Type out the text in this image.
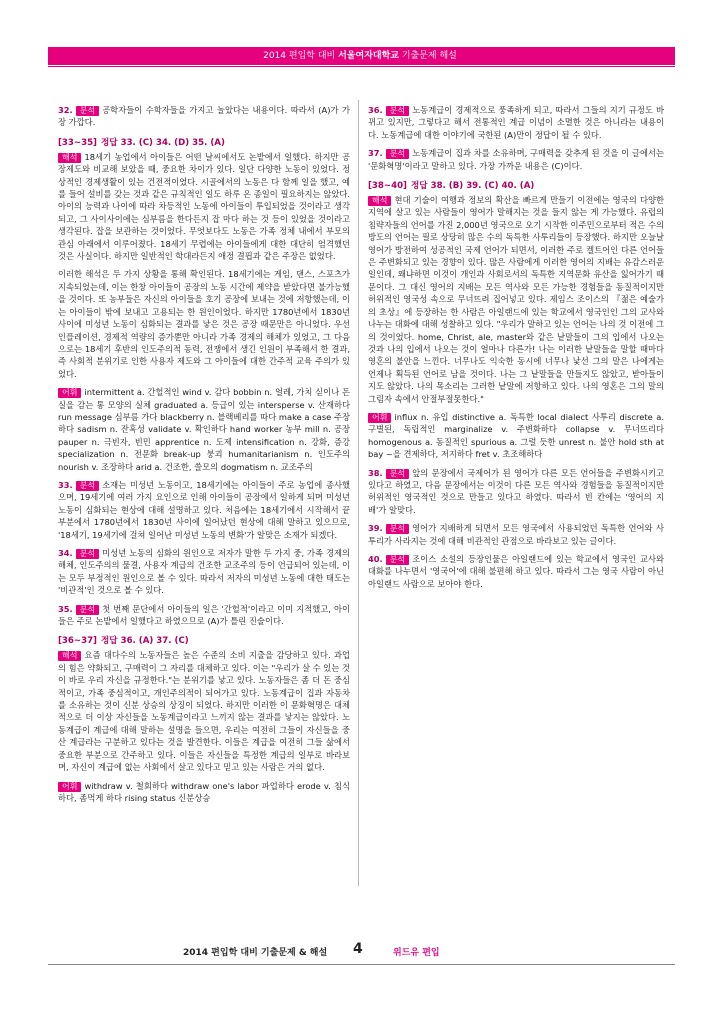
2014 편입학 대비 서울여자대학교 기출문제 해설

32. 분석 공학자들이 수학자들을 가지고 놀았다는 내용이다. 따라서 (A)가 가장 가깝다.

[33~35] 정답 33. (C) 34. (D) 35. (A)

해석 18세기 농업에서 아이들은 어떤 날씨에서도 논밭에서 일했다. 하지만 공장제도와 비교해 보았을 때, 중요한 차이가 있다. 일단 다양한 노동이 있었다. 정상적인 경제생활이 있는 건전적이었다. 시골에서의 노동은 다 함께 일을 했고, 예를 들어 설비를 갖는 것과 같은 규칙적인 일도 하루 온 종일이 필요하지는 않았다. 아이의 능력과 나이에 따라 차등적인 노동에 아이들이 투입되었을 것이라고 생각되고, 그 사이사이에는 심부름을 한다든지 잡 마다 하는 것 등이 있었을 것이라고 생각된다. 잡을 보관하는 것이었다. 무엇보다도 노동은 가족 정체 내에서 부모의 관심 아래에서 이루어졌다. 18세기 무렵에는 아이들에게 대한 대단히 엄격했던 것은 사실이다. 하지만 일반적인 학대라든지 애정 결핍과 같은 주장은 없었다.

이러한 해석은 두 가지 상황을 통해 확인된다. 18세기에는 게임, 댄스, 스포츠가 지속되었는데, 이는 한창 아이들이 공장의 노동 시간에 제약을 받았다면 불가능했을 것이다. 또 농부들은 자신의 아이들을 호기 공장에 보내는 것에 저항했는데, 이는 아이들이 밖에 보내고 고용되는 한 원인이었다. 하지만 1780년에서 1830년 사이에 미성년 노동이 심화되는 결과를 낳은 것은 공장 때문만은 아니었다. 우선 인플레이션, 경제적 역량의 증가뿐만 아니라 가족 경제의 해체가 있었고, 그 다음으로는 18세기 후반의 인도주의적 동력, 전쟁에서 생긴 인원이 부족해서 한 결과, 즉 사회적 분위기로 인한 사용자 제도와 그 아이들에 대한 간주적 교육 주의가 있었다.

어휘 intermittent a. 간헐적인 wind v. 감다 bobbin n. 얼레, 가치 싣이나 돈 실을 감는 통 모양의 실체 graduated a. 등급이 있는 intersperse v. 산재하다 run message 심부름 가다 blackberry n. 블랙베리를 따다 make a case 주장하다 sadism n. 잔혹성 validate v. 확인하다 hand worker 농부 mill n. 공장 pauper n. 극빈자, 빈민 apprentice n. 도제 intensification n. 강화, 증강 specialization n. 전문화 break-up 붕괴 humanitarianism n. 인도주의 nourish v. 조장하다 arid a. 건조한, 쓸모의 dogmatism n. 교조주의

33. 분석 소재는 미성년 노동이고, 18세기에는 아이들이 주로 농업에 종사했으며, 19세기에 여러 가지 요인으로 인해 아이들이 공장에서 일하게 되며 미성년 노동이 심화되는 현상에 대해 설명하고 있다. 처음에는 18세기에서 시작해서 끝부분에서 1780년에서 1830년 사이에 일어났던 현상에 대해 말하고 있으므로, '18세기, 19세기에 걸쳐 일어난 미성년 노동의 변화'가 알맞은 소재가 되겠다.

34. 분석 미성년 노동의 심화의 원인으로 저자가 말한 두 가지 중, 가족 경제의 해체, 인도주의의 물결, 사용자 계급의 건조한 교조주의 등이 언급되어 있는데, 이는 모두 부정적인 원인으로 볼 수 있다. 따라서 저자의 미성년 노동에 대한 태도는 '비관적'인 것으로 볼 수 있다.

35. 분석 첫 번째 문단에서 아이들의 일은 '간헐적'이라고 이미 지적했고, 아이들은 주로 논밭에서 일했다고 하였으므로 (A)가 틀린 진술이다.

[36~37] 정답 36. (A) 37. (C)

해석 요즘 대다수의 노동자들은 높은 수준의 소비 지출을 감당하고 있다. 과업의 힘은 약화되고, 구매력이 그 자리를 대체하고 있다. 이는 "우리가 살 수 있는 것이 바로 우리 자신을 규정한다."는 분위기를 낳고 있다. 노동자들은 좀 더 돈 중심적이고, 가족 중심적이고, 개인주의적이 되어가고 있다. 노동계급이 집과 자동차를 소유하는 것이 신분 상승의 상징이 되었다. 하지만 이러한 이 문화혁명은 대체적으로 더 이상 자신들을 노동계급이라고 느끼지 않는 결과를 낳지는 않았다. 노동계급이 계급에 대해 말하는 설명을 들으면, 우리는 여전히 그들이 자신들을 중산 계급라는 구분하고 있다는 것을 발견한다. 이들은 계급을 여전히 그들 삶에서 중요한 부분으로 간주하고 있다. 이들은 자신들을 특정한 계급의 일부로 바라보며, 자신이 계급에 없는 사회에서 살고 있다고 믿고 있는 사람은 거의 없다.

어휘 withdraw v. 철회하다 withdraw one's labor 파업하다 erode v. 침식하다, 좀먹게 하다 rising status 신분상승

36. 분석 노동계급이 경제적으로 풍족하게 되고, 따라서 그들의 지기 규정도 바뀌고 있지만, 그렇다고 해서 전통적인 계급 이념이 소멸한 것은 아니라는 내용이다. 노동계급에 대한 이야기에 국한된 (A)만이 정답이 될 수 있다.

37. 분석 노동계급이 집과 차를 소유하며, 구매력을 갖추게 된 것을 이 글에서는 '문화혁명'이라고 말하고 있다. 가장 가까운 내용은 (C)이다.

[38~40] 정답 38. (B) 39. (C) 40. (A)

해석 현대 기술이 여행과 정보의 확산을 빠르게 만들기 이전에는 영국의 다양한 지역에 살고 있는 사람들이 영어가 말해지는 것을 들지 않는 게 가능했다. 유럽의 침략자들의 언어를 가진 2,000년 영국으로 오기 시작한 이주민으로부터 적은 수의 방도의 언어는 필로 상당히 많은 수의 독특한 사투리들이 등장했다. 하지만 오늘날 영어가 방전하여 성공적인 국제 언어가 되면서, 이러한 주로 켈트어인 다른 언어들은 주변화되고 있는 경향이 있다. 많은 사람에게 이러한 영어의 지배는 유감스러운 일인데, 왜냐하면 이것이 개인과 사회로서의 독특한 지역문화 유산을 잃어가기 때문이다. 그 대신 영어의 지배는 모든 역사와 모든 가능한 경험들을 동질적이지만 허위적인 영국성 속으로 무너뜨려 집어넣고 있다. 제임스 조이스의 『젊은 예술가의 초상』에 등장하는 한 사람은 아일랜드에 있는 학교에서 영국인인 그의 교사와 나누는 대화에 대해 성찰하고 있다. "우리가 말하고 있는 언어는 나의 것 이전에 그의 것이었다. home, Christ, ale, master와 같은 낱말들이 그의 입에서 나오는 것과 나의 입에서 나오는 것이 얼마나 다른가! 나는 이러한 낱말들을 말할 때마다 영혼의 불안을 느낀다. 너무나도 익숙한 동시에 너무나 낯선 그의 말은 나에게는 언제나 획득된 언어로 남을 것이다. 나는 그 낱말들을 만들지도 않았고, 받아들이지도 않았다. 나의 목소리는 그러한 낱말에 저항하고 있다. 나의 영혼은 그의 말의 그림자 속에서 안절부절못한다."

어휘 influx n. 유입 distinctive a. 독특한 local dialect 사투리 discrete a. 구별된, 독립적인 marginalize v. 주변화하다 collapse v. 무너뜨리다 homogenous a. 동질적인 spurious a. 그럴 듯한 unrest n. 불안 hold sth at bay ~을 견제하다, 저지하다 fret v. 초조해하다

38. 분석 앞의 문장에서 국제어가 된 영어가 다른 모든 언어들을 주변화시키고 있다고 하였고, 다음 문장에서는 이것이 다른 모든 역사와 경험들을 동질적이지만 허위적인 영국적인 것으로 만들고 있다고 하였다. 따라서 빈 칸에는 '영어의 지배'가 알맞다.

39. 분석 영어가 지배하게 되면서 모든 영국에서 사용되었던 독특한 언어와 사투리가 사라지는 것에 대해 비관적인 관점으로 바라보고 있는 글이다.

40. 분석 조이스 소설의 등장인물은 아일랜드에 있는 학교에서 영국인 교사와 대화를 나누면서 '영국어'에 대해 불편해 하고 있다. 따라서 그는 영국 사람이 아닌 아일랜드 사람으로 보아야 한다.

2014 편입학 대비 기출문제 & 해설 4	위드유 편입
